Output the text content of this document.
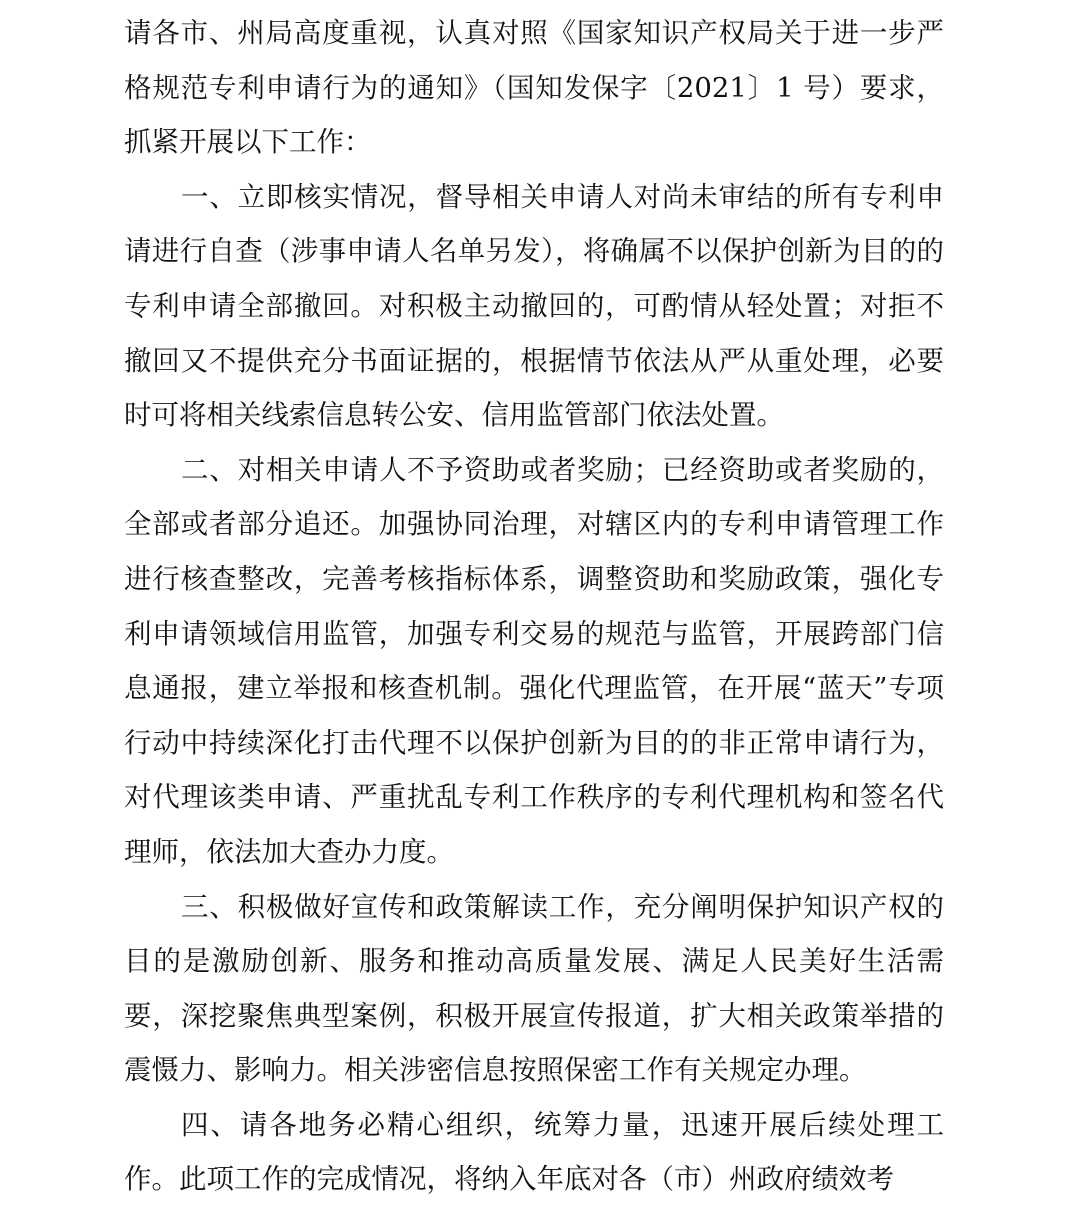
请各市、州局高度重视，认真对照《国家知识产权局关于进一步严格规范专利申请行为的通知》（国知发保字〔2021〕1 号）要求，抓紧开展以下工作：

一、立即核实情况，督导相关申请人对尚未审结的所有专利申请进行自查（涉事申请人名单另发），将确属不以保护创新为目的的专利申请全部撤回。对积极主动撤回的，可酌情从轻处置；对拒不撤回又不提供充分书面证据的，根据情节依法从严从重处理，必要时可将相关线索信息转公安、信用监管部门依法处置。

二、对相关申请人不予资助或者奖励；已经资助或者奖励的，全部或者部分追还。加强协同治理，对辖区内的专利申请管理工作进行核查整改，完善考核指标体系，调整资助和奖励政策，强化专利申请领域信用监管，加强专利交易的规范与监管，开展跨部门信息通报，建立举报和核查机制。强化代理监管，在开展“蓝天”专项行动中持续深化打击代理不以保护创新为目的的非正常申请行为，对代理该类申请、严重扰乱专利工作秩序的专利代理机构和签名代理师，依法加大查办力度。

三、积极做好宣传和政策解读工作，充分阐明保护知识产权的目的是激励创新、服务和推动高质量发展、满足人民美好生活需要，深挖聚焦典型案例，积极开展宣传报道，扩大相关政策举措的震慑力、影响力。相关涉密信息按照保密工作有关规定办理。

四、请各地务必精心组织，统筹力量，迅速开展后续处理工作。此项工作的完成情况，将纳入年底对各（市）州政府绩效考
